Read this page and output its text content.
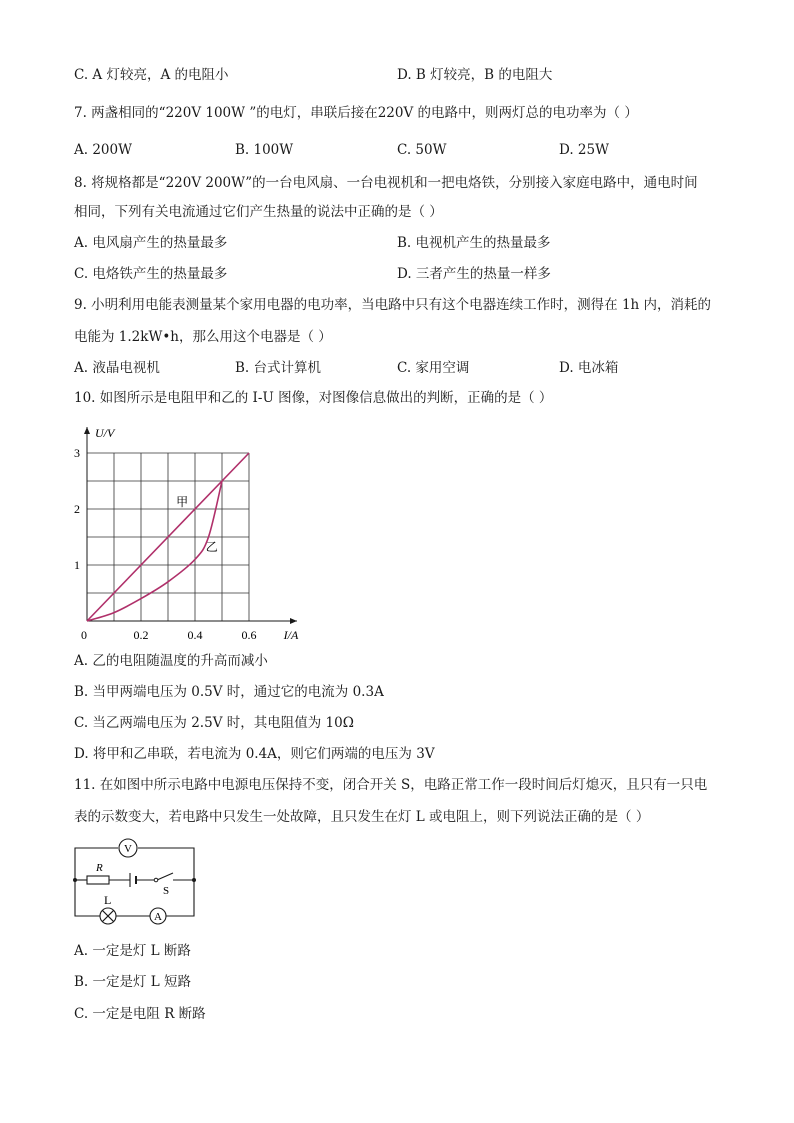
C. A 灯较亮，A 的电阻小	D. B 灯较亮，B 的电阻大
7. 两盏相同的“220V 100W ”的电灯，串联后接在220V 的电路中，则两灯总的电功率为（ ）
A. 200W	B. 100W	C. 50W	D. 25W
8. 将规格都是“220V 200W”的一台电风扇、一台电视机和一把电烙铁，分别接入家庭电路中，通电时间
相同，下列有关电流通过它们产生热量的说法中正确的是（ ）
A. 电风扇产生的热量最多	B. 电视机产生的热量最多
C. 电烙铁产生的热量最多	D. 三者产生的热量一样多
9. 小明利用电能表测量某个家用电器的电功率，当电路中只有这个电器连续工作时，测得在 1h 内，消耗的
电能为 1.2kW•h，那么用这个电器是（ ）
A. 液晶电视机	B. 台式计算机	C. 家用空调	D. 电冰箱
10. 如图所示是电阻甲和乙的 I-U 图像，对图像信息做出的判断，正确的是（ ）
0	0.2	0.4	0.6
1
2
3
I/A
U/V
甲
乙
A. 乙的电阻随温度的升高而减小
B. 当甲两端电压为 0.5V 时，通过它的电流为 0.3A
C. 当乙两端电压为 2.5V 时，其电阻值为 10Ω
D. 将甲和乙串联，若电流为 0.4A，则它们两端的电压为 3V
11. 在如图中所示电路中电源电压保持不变，闭合开关 S，电路正常工作一段时间后灯熄灭，且只有一只电
表的示数变大，若电路中只发生一处故障，且只发生在灯 L 或电阻上，则下列说法正确的是（ ）
V
A
R
L
S
A. 一定是灯 L 断路
B. 一定是灯 L 短路
C. 一定是电阻 R 断路
